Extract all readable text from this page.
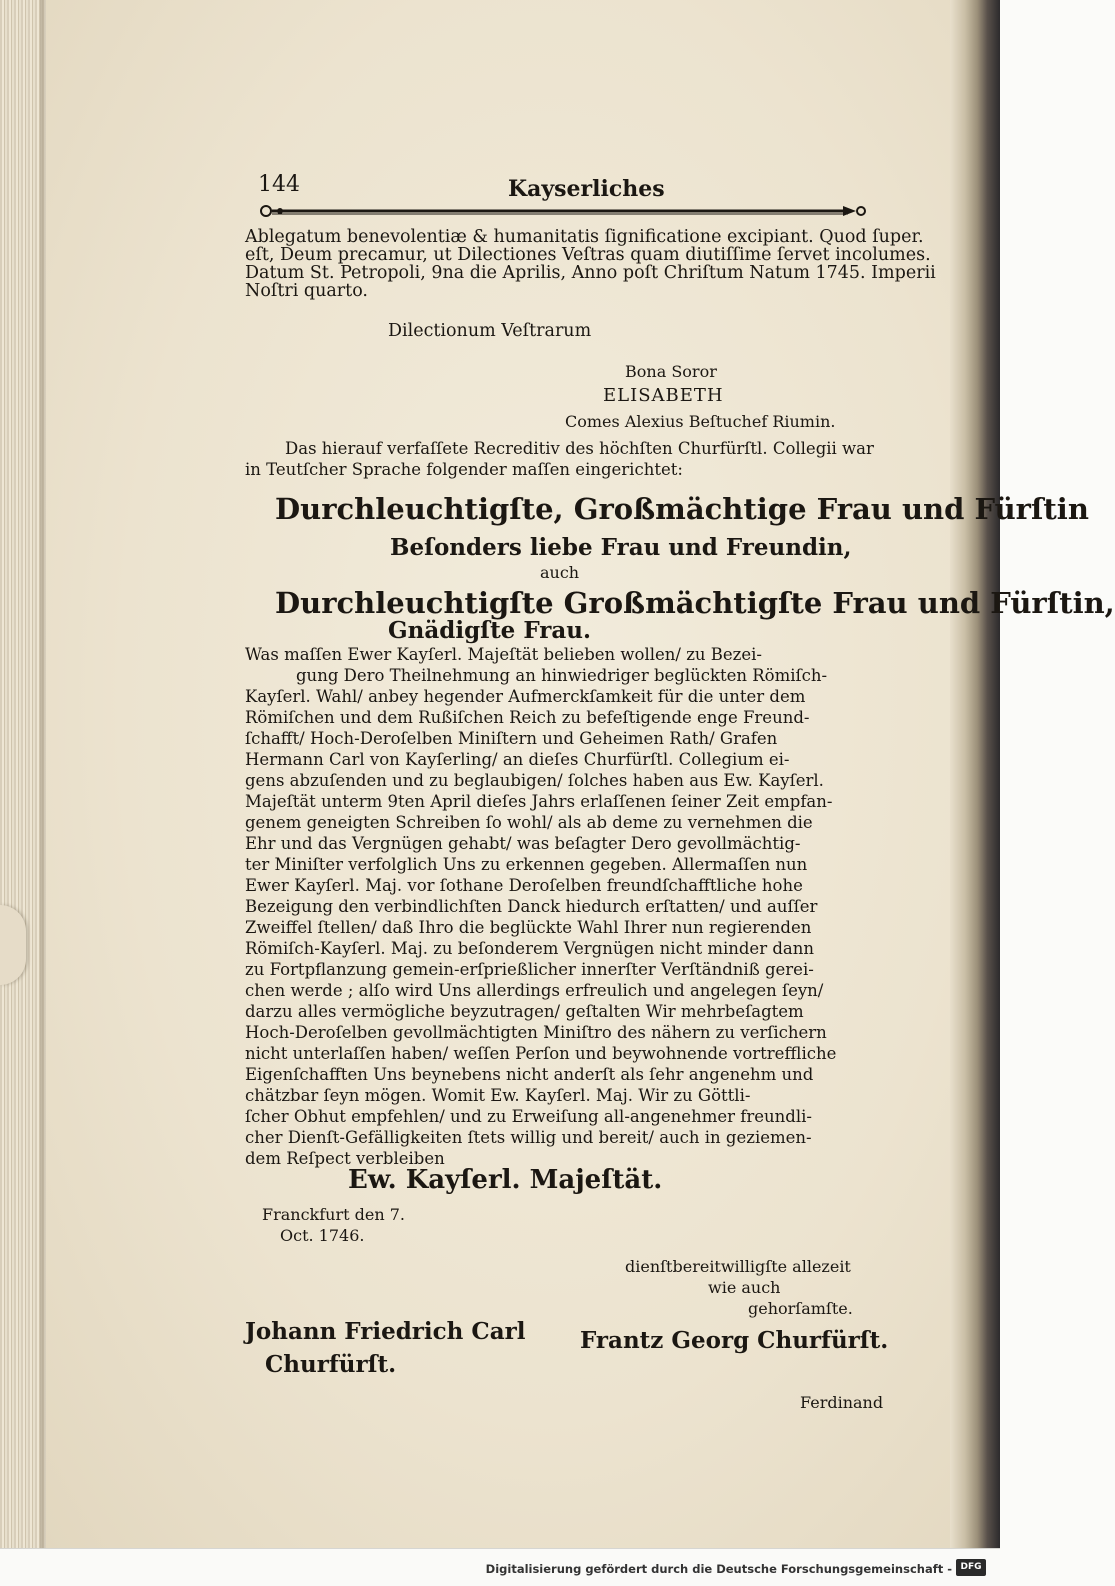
144	Kayserliches
Ablegatum benevolentiæ & humanitatis ſignificatione excipiant. Quod ſuper.
eſt, Deum precamur, ut Dilectiones Veſtras quam diutiſſime ſervet incolumes.
Datum St. Petropoli, 9na die Aprilis, Anno poſt Chriſtum Natum 1745. Imperii
Noſtri quarto.
Dilectionum Veſtrarum
Bona Soror
ELISABETH
Comes Alexius Beſtuchef Riumin.
Das hierauf verfaſſete Recreditiv des höchſten Churfürſtl. Collegii war
in Teutſcher Sprache folgender maſſen eingerichtet:
Durchleuchtigſte, Großmächtige Frau und Fürſtin
Beſonders liebe Frau und Freundin,
auch
Durchleuchtigſte Großmächtigſte Frau und Fürſtin,
Gnädigſte Frau.
Was maſſen Ewer Kayſerl. Majeſtät belieben wollen/ zu Bezei-
gung Dero Theilnehmung an hinwiedriger beglückten Römiſch-
Kayſerl. Wahl/ anbey hegender Aufmerckſamkeit für die unter dem
Römiſchen und dem Rußiſchen Reich zu befeſtigende enge Freund-
ſchafft/ Hoch-Deroſelben Miniſtern und Geheimen Rath/ Grafen
Hermann Carl von Kayſerling/ an dieſes Churfürſtl. Collegium ei-
gens abzuſenden und zu beglaubigen/ ſolches haben aus Ew. Kayſerl.
Majeſtät unterm 9ten April dieſes Jahrs erlaſſenen ſeiner Zeit empfan-
genem geneigten Schreiben ſo wohl/ als ab deme zu vernehmen die
Ehr und das Vergnügen gehabt/ was beſagter Dero gevollmächtig-
ter Miniſter verfolglich Uns zu erkennen gegeben. Allermaſſen nun
Ewer Kayſerl. Maj. vor ſothane Deroſelben freundſchafftliche hohe
Bezeigung den verbindlichſten Danck hiedurch erſtatten/ und auſſer
Zweiffel ſtellen/ daß Ihro die beglückte Wahl Ihrer nun regierenden
Römiſch-Kayſerl. Maj. zu beſonderem Vergnügen nicht minder dann
zu Fortpflanzung gemein-erſprießlicher innerſter Verſtändniß gerei-
chen werde ; alſo wird Uns allerdings erfreulich und angelegen ſeyn/
darzu alles vermögliche beyzutragen/ geſtalten Wir mehrbeſagtem
Hoch-Deroſelben gevollmächtigten Miniſtro des nähern zu verſichern
nicht unterlaſſen haben/ weſſen Perſon und beywohnende vortreffliche
Eigenſchafften Uns beynebens nicht anderſt als ſehr angenehm und
chätzbar ſeyn mögen. Womit Ew. Kayſerl. Maj. Wir zu Göttli-
ſcher Obhut empfehlen/ und zu Erweiſung all-angenehmer freundli-
cher Dienſt-Gefälligkeiten ſtets willig und bereit/ auch in geziemen-
dem Reſpect verbleiben
Ew. Kayſerl. Majeſtät.
Franckfurt den 7.
Oct. 1746.
dienſtbereitwilligſte allezeit
wie auch
gehorſamſte.
Johann Friedrich Carl
Churfürſt.
Frantz Georg Churfürſt.
Ferdinand
Digitalisierung gefördert durch die Deutsche Forschungsgemeinschaft - DFG
